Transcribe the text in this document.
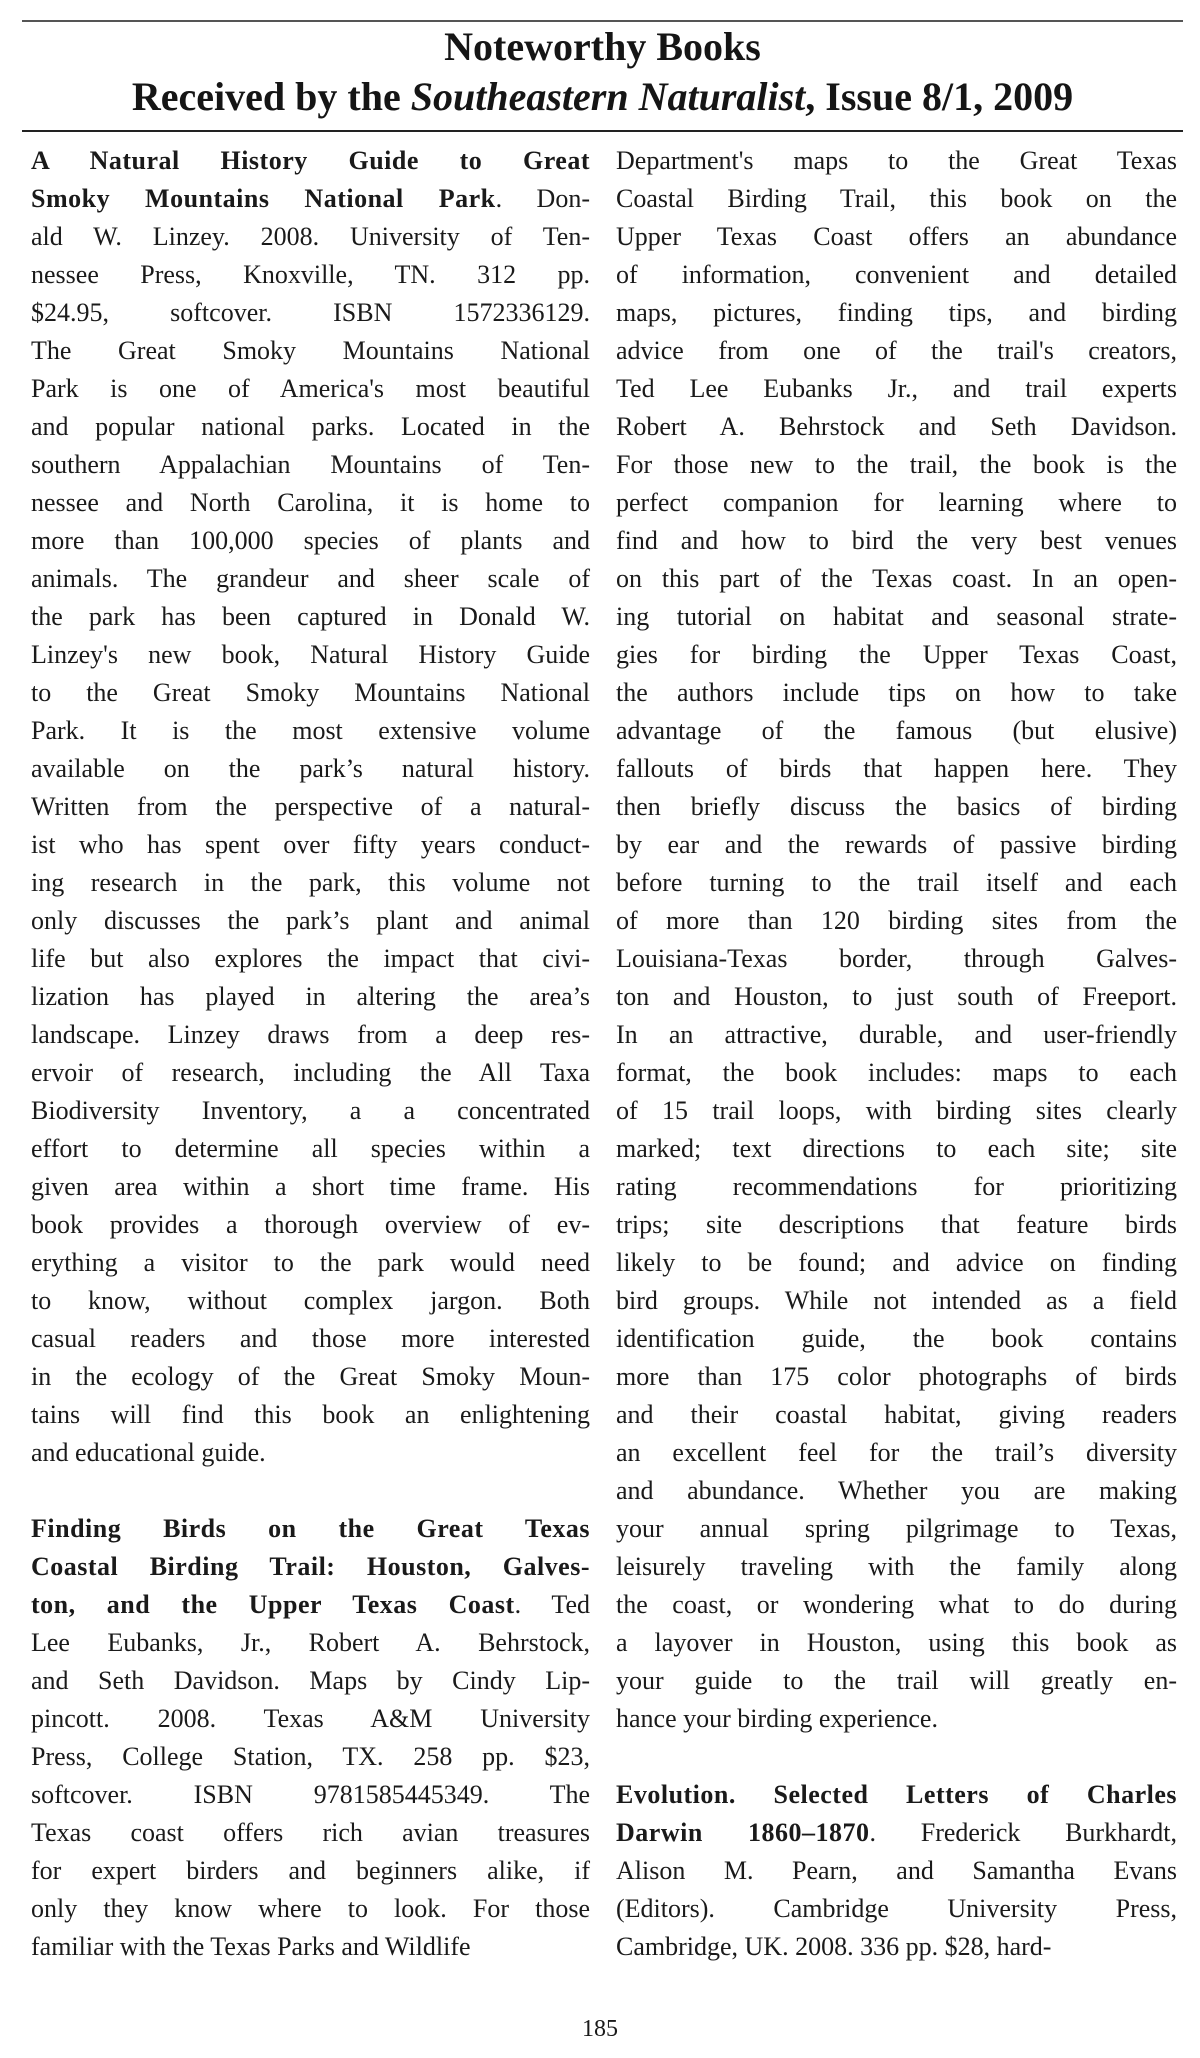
Noteworthy Books
Received by the Southeastern Naturalist, Issue 8/1, 2009
A Natural History Guide to Great
Smoky Mountains National Park. Don-
ald W. Linzey. 2008. University of Ten-
nessee Press, Knoxville, TN. 312 pp.
$24.95, softcover. ISBN 1572336129.
The Great Smoky Mountains National
Park is one of America's most beautiful
and popular national parks. Located in the
southern Appalachian Mountains of Ten-
nessee and North Carolina, it is home to
more than 100,000 species of plants and
animals. The grandeur and sheer scale of
the park has been captured in Donald W.
Linzey's new book, Natural History Guide
to the Great Smoky Mountains National
Park. It is the most extensive volume
available on the park’s natural history.
Written from the perspective of a natural-
ist who has spent over fifty years conduct-
ing research in the park, this volume not
only discusses the park’s plant and animal
life but also explores the impact that civi-
lization has played in altering the area’s
landscape. Linzey draws from a deep res-
ervoir of research, including the All Taxa
Biodiversity Inventory, a a concentrated
effort to determine all species within a
given area within a short time frame. His
book provides a thorough overview of ev-
erything a visitor to the park would need
to know, without complex jargon. Both
casual readers and those more interested
in the ecology of the Great Smoky Moun-
tains will find this book an enlightening
and educational guide.

Finding Birds on the Great Texas
Coastal Birding Trail: Houston, Galves-
ton, and the Upper Texas Coast. Ted
Lee Eubanks, Jr., Robert A. Behrstock,
and Seth Davidson. Maps by Cindy Lip-
pincott. 2008. Texas A&M University
Press, College Station, TX. 258 pp. $23,
softcover. ISBN 9781585445349. The
Texas coast offers rich avian treasures
for expert birders and beginners alike, if
only they know where to look. For those
familiar with the Texas Parks and Wildlife
Department's maps to the Great Texas
Coastal Birding Trail, this book on the
Upper Texas Coast offers an abundance
of information, convenient and detailed
maps, pictures, finding tips, and birding
advice from one of the trail's creators,
Ted Lee Eubanks Jr., and trail experts
Robert A. Behrstock and Seth Davidson.
For those new to the trail, the book is the
perfect companion for learning where to
find and how to bird the very best venues
on this part of the Texas coast. In an open-
ing tutorial on habitat and seasonal strate-
gies for birding the Upper Texas Coast,
the authors include tips on how to take
advantage of the famous (but elusive)
fallouts of birds that happen here. They
then briefly discuss the basics of birding
by ear and the rewards of passive birding
before turning to the trail itself and each
of more than 120 birding sites from the
Louisiana-Texas border, through Galves-
ton and Houston, to just south of Freeport.
In an attractive, durable, and user-friendly
format, the book includes: maps to each
of 15 trail loops, with birding sites clearly
marked; text directions to each site; site
rating recommendations for prioritizing
trips; site descriptions that feature birds
likely to be found; and advice on finding
bird groups. While not intended as a field
identification guide, the book contains
more than 175 color photographs of birds
and their coastal habitat, giving readers
an excellent feel for the trail’s diversity
and abundance. Whether you are making
your annual spring pilgrimage to Texas,
leisurely traveling with the family along
the coast, or wondering what to do during
a layover in Houston, using this book as
your guide to the trail will greatly en-
hance your birding experience.

Evolution. Selected Letters of Charles
Darwin 1860–1870. Frederick Burkhardt,
Alison M. Pearn, and Samantha Evans
(Editors). Cambridge University Press,
Cambridge, UK. 2008. 336 pp. $28, hard-
185
